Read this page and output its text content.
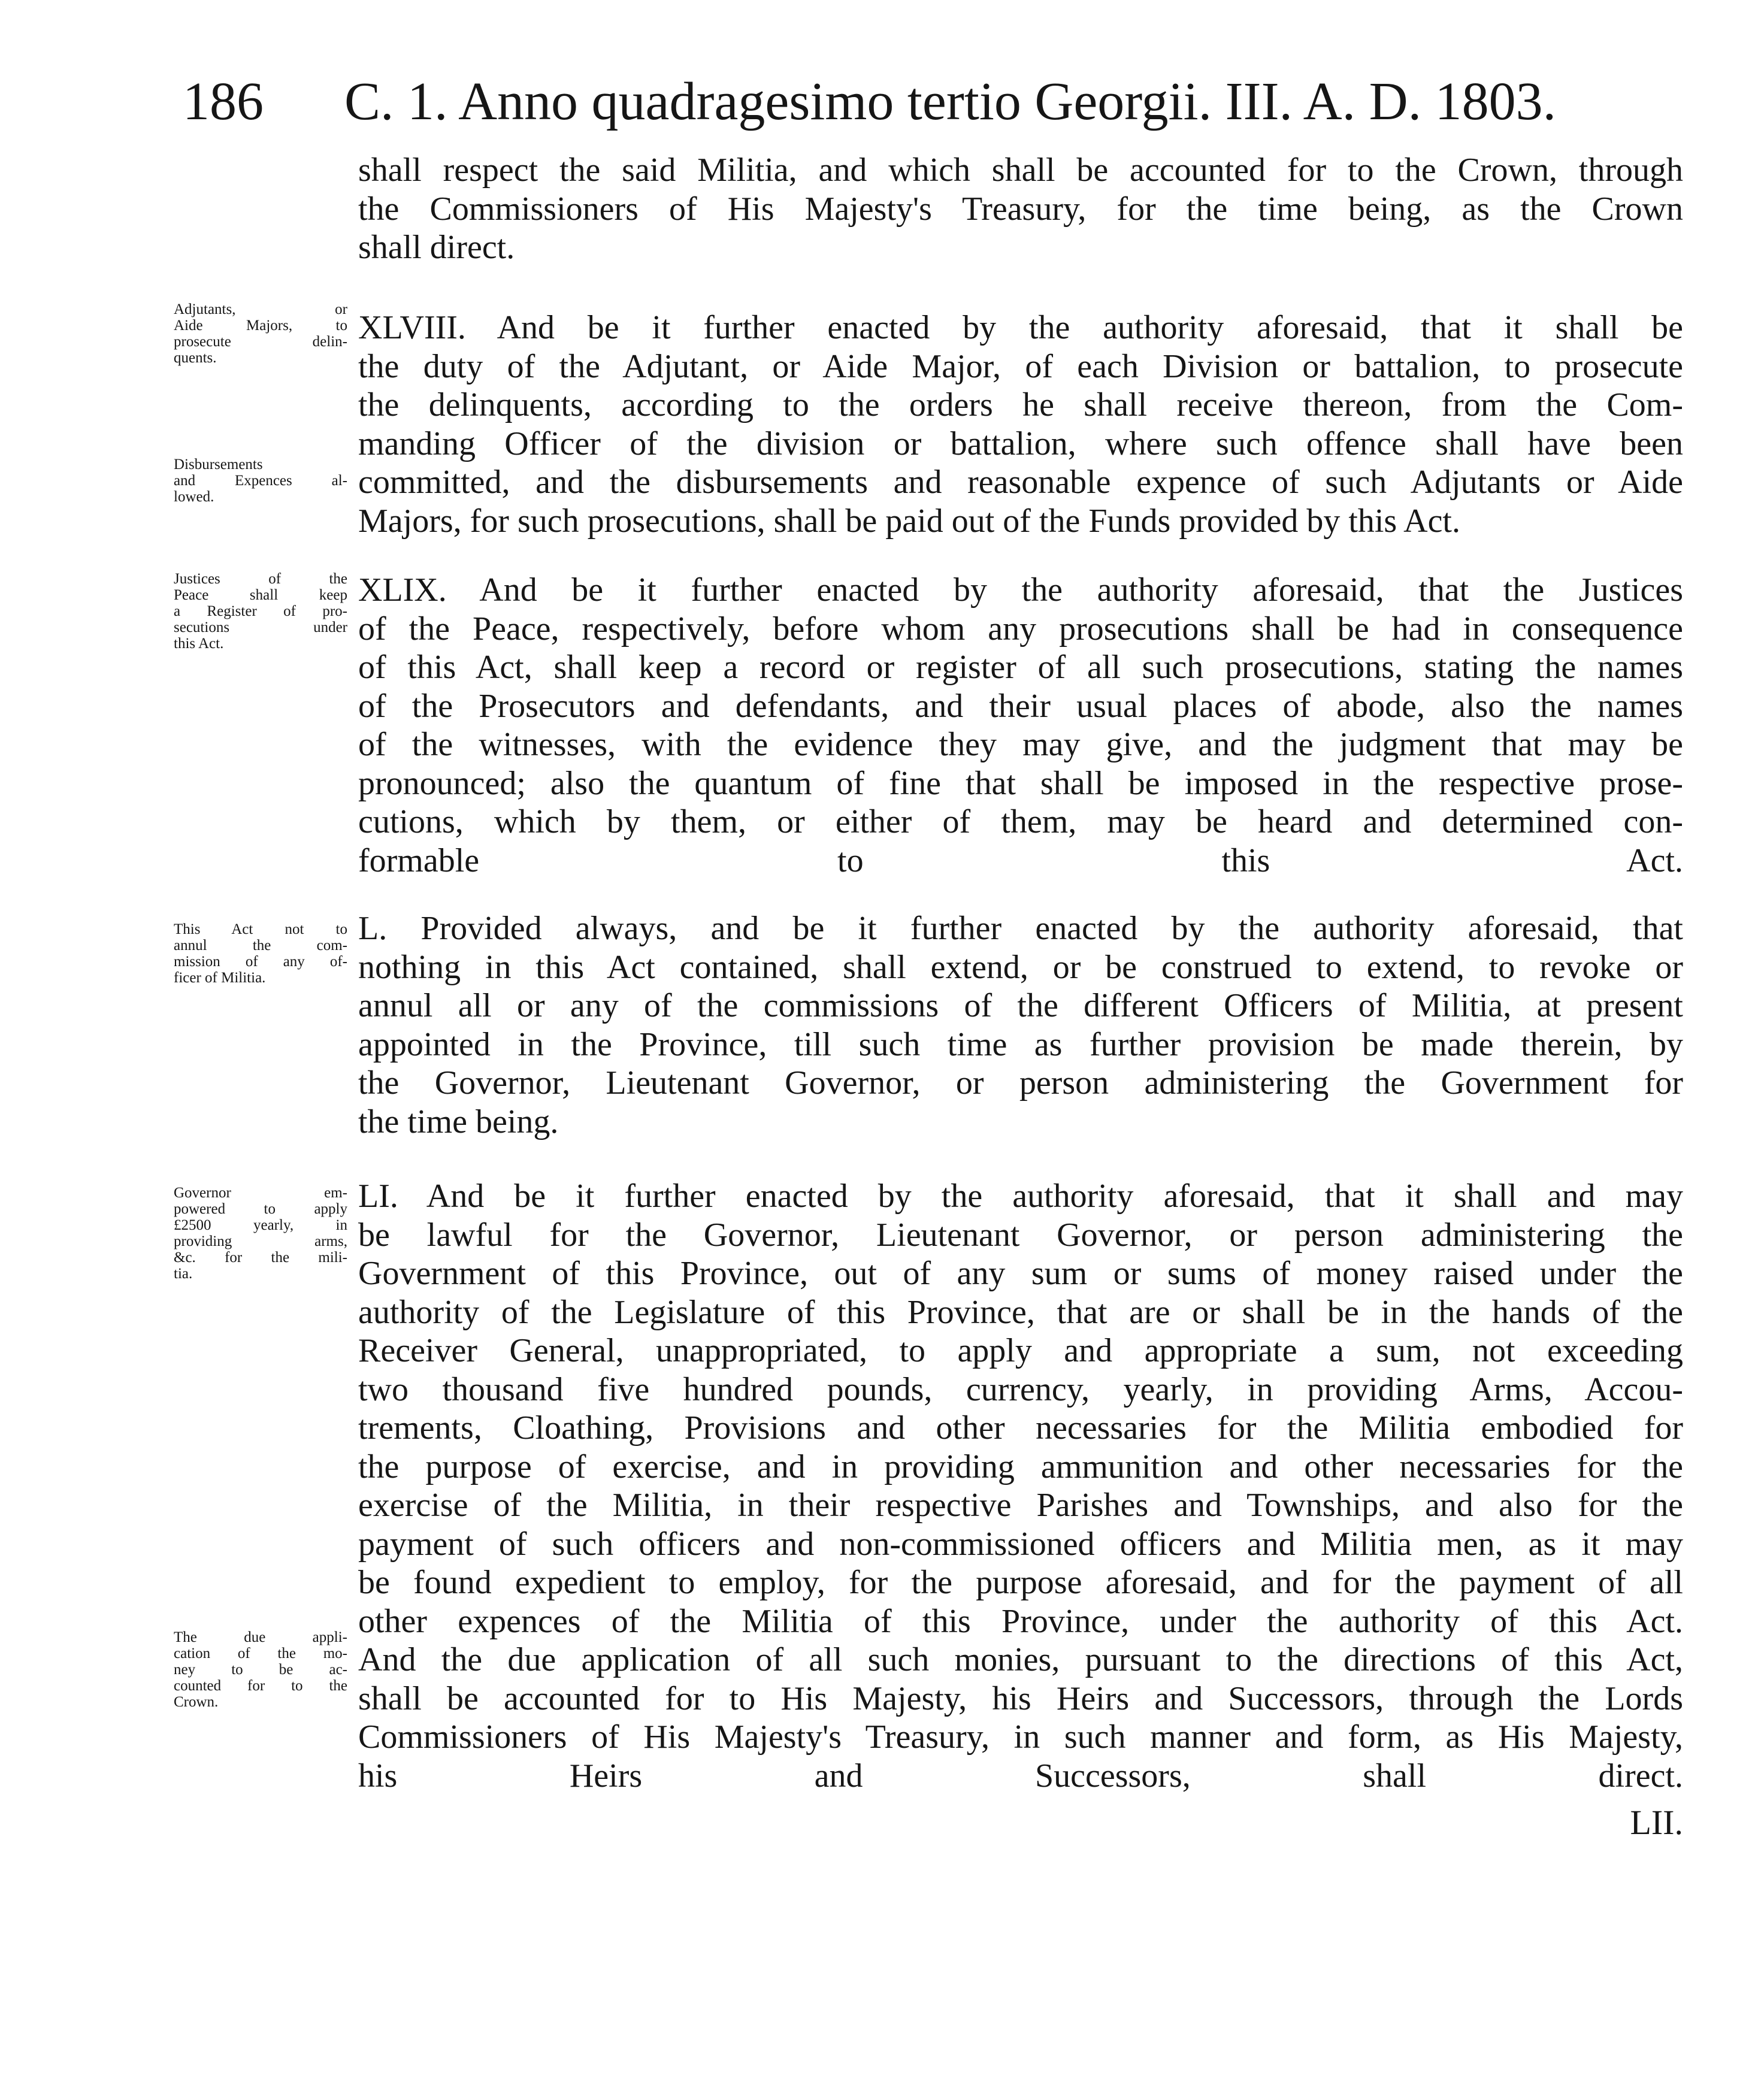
186 C. 1. Anno quadragesimo tertio Georgii. III. A. D. 1803.
shall respect the said Militia, and which shall be accounted for to the Crown, through
the Commissioners of His Majesty's Treasury, for the time being, as the Crown
shall direct.
Adjutants, or
Aide Majors, to
prosecute delin-
quents.
XLVIII. And be it further enacted by the authority aforesaid, that it shall be
the duty of the Adjutant, or Aide Major, of each Division or battalion, to prosecute
the delinquents, according to the orders he shall receive thereon, from the Com-
manding Officer of the division or battalion, where such offence shall have been
committed, and the disbursements and reasonable expence of such Adjutants or Aide
Majors, for such prosecutions, shall be paid out of the Funds provided by this Act.
Disbursements
and Expences al-
lowed.
Justices of the
Peace shall keep
a Register of pro-
secutions under
this Act.
XLIX. And be it further enacted by the authority aforesaid, that the Justices
of the Peace, respectively, before whom any prosecutions shall be had in consequence
of this Act, shall keep a record or register of all such prosecutions, stating the names
of the Prosecutors and defendants, and their usual places of abode, also the names
of the witnesses, with the evidence they may give, and the judgment that may be
pronounced; also the quantum of fine that shall be imposed in the respective prose-
cutions, which by them, or either of them, may be heard and determined con-
formable to this Act.
This Act not to
annul the com-
mission of any of-
ficer of Militia.
L. Provided always, and be it further enacted by the authority aforesaid, that
nothing in this Act contained, shall extend, or be construed to extend, to revoke or
annul all or any of the commissions of the different Officers of Militia, at present
appointed in the Province, till such time as further provision be made therein, by
the Governor, Lieutenant Governor, or person administering the Government for
the time being.
Governor em-
powered to apply
£2500 yearly, in
providing arms,
&c. for the mili-
tia.
LI. And be it further enacted by the authority aforesaid, that it shall and may
be lawful for the Governor, Lieutenant Governor, or person administering the
Government of this Province, out of any sum or sums of money raised under the
authority of the Legislature of this Province, that are or shall be in the hands of the
Receiver General, unappropriated, to apply and appropriate a sum, not exceeding
two thousand five hundred pounds, currency, yearly, in providing Arms, Accou-
trements, Cloathing, Provisions and other necessaries for the Militia embodied for
the purpose of exercise, and in providing ammunition and other necessaries for the
exercise of the Militia, in their respective Parishes and Townships, and also for the
payment of such officers and non-commissioned officers and Militia men, as it may
be found expedient to employ, for the purpose aforesaid, and for the payment of all
other expences of the Militia of this Province, under the authority of this Act.
And the due application of all such monies, pursuant to the directions of this Act,
shall be accounted for to His Majesty, his Heirs and Successors, through the Lords
Commissioners of His Majesty's Treasury, in such manner and form, as His Majesty,
his Heirs and Successors, shall direct.
The due appli-
cation of the mo-
ney to be ac-
counted for to the
Crown.
LII.
